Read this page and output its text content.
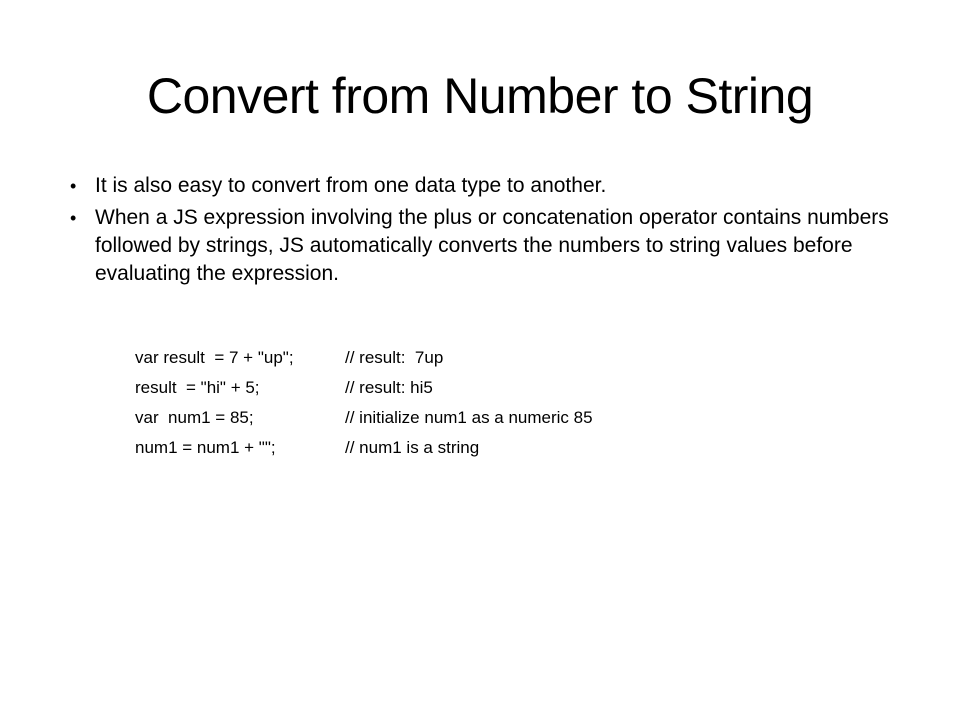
Convert from Number to String
• It is also easy to convert from one data type to another.
• When a JS expression involving the plus or concatenation operator contains numbers followed by strings, JS automatically converts the numbers to string values before evaluating the expression.
var result  = 7 + "up";	// result:  7up
result  = "hi" + 5;	// result: hi5
var  num1 = 85;	// initialize num1 as a numeric 85
num1 = num1 + "";	// num1 is a string
